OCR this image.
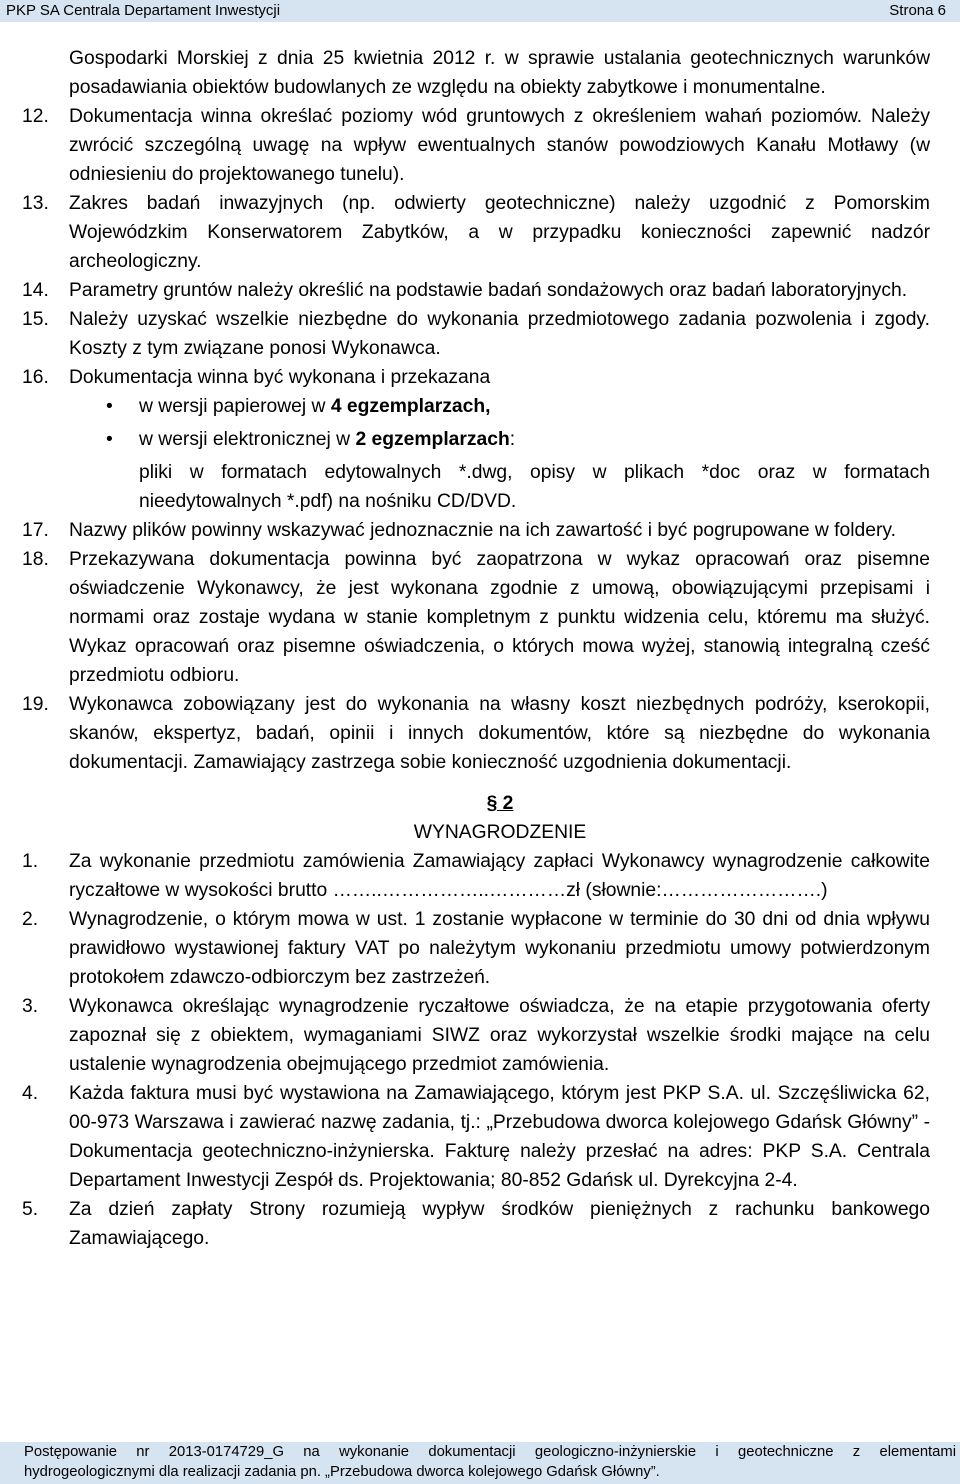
PKP SA Centrala Departament Inwestycji	Strona 6
Gospodarki Morskiej z dnia 25 kwietnia 2012 r. w sprawie ustalania geotechnicznych warunków posadawiania obiektów budowlanych ze względu na obiekty zabytkowe i monumentalne.
12. Dokumentacja winna określać poziomy wód gruntowych z określeniem wahań poziomów. Należy zwrócić szczególną uwagę na wpływ ewentualnych stanów powodziowych Kanału Motławy (w odniesieniu do projektowanego tunelu).
13. Zakres badań inwazyjnych (np. odwierty geotechniczne) należy uzgodnić z Pomorskim Wojewódzkim Konserwatorem Zabytków, a w przypadku konieczności zapewnić nadzór archeologiczny.
14. Parametry gruntów należy określić na podstawie badań sondażowych oraz badań laboratoryjnych.
15. Należy uzyskać wszelkie niezbędne do wykonania przedmiotowego zadania pozwolenia i zgody. Koszty z tym związane ponosi Wykonawca.
16. Dokumentacja winna być wykonana i przekazana
• w wersji papierowej w 4 egzemplarzach,
• w wersji elektronicznej w 2 egzemplarzach:
pliki w formatach edytowalnych *.dwg, opisy w plikach *doc oraz w formatach nieedytowalnych *.pdf) na nośniku CD/DVD.
17. Nazwy plików powinny wskazywać jednoznacznie na ich zawartość i być pogrupowane w foldery.
18. Przekazywana dokumentacja powinna być zaopatrzona w wykaz opracowań oraz pisemne oświadczenie Wykonawcy, że jest wykonana zgodnie z umową, obowiązującymi przepisami i normami oraz zostaje wydana w stanie kompletnym z punktu widzenia celu, któremu ma służyć. Wykaz opracowań oraz pisemne oświadczenia, o których mowa wyżej, stanowią integralną cześć przedmiotu odbioru.
19. Wykonawca zobowiązany jest do wykonania na własny koszt niezbędnych podróży, kserokopii, skanów, ekspertyz, badań, opinii i innych dokumentów, które są niezbędne do wykonania dokumentacji. Zamawiający zastrzega sobie konieczność uzgodnienia dokumentacji.
§ 2
WYNAGRODZENIE
1. Za wykonanie przedmiotu zamówienia Zamawiający zapłaci Wykonawcy wynagrodzenie całkowite ryczałtowe w wysokości brutto ……..……………..…………zł (słownie:…………………….)
2. Wynagrodzenie, o którym mowa w ust. 1 zostanie wypłacone w terminie do 30 dni od dnia wpływu prawidłowo wystawionej faktury VAT po należytym wykonaniu przedmiotu umowy potwierdzonym protokołem zdawczo-odbiorczym bez zastrzeżeń.
3. Wykonawca określając wynagrodzenie ryczałtowe oświadcza, że na etapie przygotowania oferty zapoznał się z obiektem, wymaganiami SIWZ oraz wykorzystał wszelkie środki mające na celu ustalenie wynagrodzenia obejmującego przedmiot zamówienia.
4. Każda faktura musi być wystawiona na Zamawiającego, którym jest PKP S.A. ul. Szczęśliwicka 62, 00-973 Warszawa i zawierać nazwę zadania, tj.: „Przebudowa dworca kolejowego Gdańsk Główny” - Dokumentacja geotechniczno-inżynierska. Fakturę należy przesłać na adres: PKP S.A. Centrala Departament Inwestycji Zespół ds. Projektowania; 80-852 Gdańsk ul. Dyrekcyjna 2-4.
5. Za dzień zapłaty Strony rozumieją wypływ środków pieniężnych z rachunku bankowego Zamawiającego.
Postępowanie nr 2013-0174729_G na wykonanie dokumentacji geologiczno-inżynierskie i geotechniczne z elementami
hydrogeologicznymi dla realizacji zadania pn. „Przebudowa dworca kolejowego Gdańsk Główny”.
